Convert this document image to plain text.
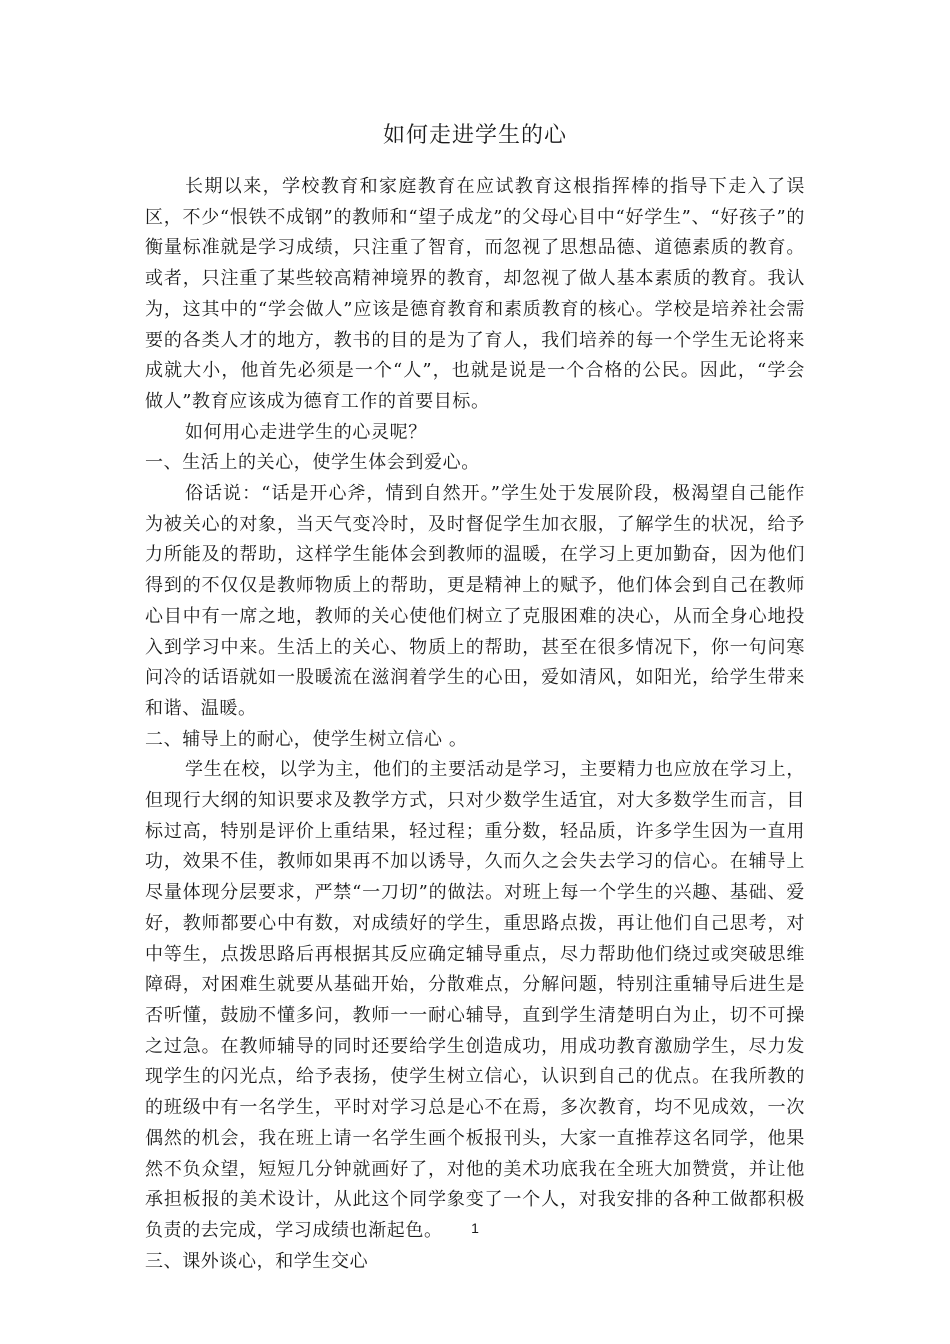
如何走进学生的心

长期以来，学校教育和家庭教育在应试教育这根指挥棒的指导下走入了误区，不少“恨铁不成钢”的教师和“望子成龙”的父母心目中“好学生”、“好孩子”的衡量标准就是学习成绩，只注重了智育，而忽视了思想品德、道德素质的教育。或者，只注重了某些较高精神境界的教育，却忽视了做人基本素质的教育。我认为，这其中的“学会做人”应该是德育教育和素质教育的核心。学校是培养社会需要的各类人才的地方，教书的目的是为了育人，我们培养的每一个学生无论将来成就大小，他首先必须是一个“人”，也就是说是一个合格的公民。因此，“学会做人”教育应该成为德育工作的首要目标。

如何用心走进学生的心灵呢？

一、生活上的关心，使学生体会到爱心。

俗话说：“话是开心斧，情到自然开。”学生处于发展阶段，极渴望自己能作为被关心的对象，当天气变冷时，及时督促学生加衣服，了解学生的状况，给予力所能及的帮助，这样学生能体会到教师的温暖，在学习上更加勤奋，因为他们得到的不仅仅是教师物质上的帮助，更是精神上的赋予，他们体会到自己在教师心目中有一席之地，教师的关心使他们树立了克服困难的决心，从而全身心地投入到学习中来。生活上的关心、物质上的帮助，甚至在很多情况下，你一句问寒问冷的话语就如一股暖流在滋润着学生的心田，爱如清风，如阳光，给学生带来和谐、温暖。

二、辅导上的耐心，使学生树立信心 。

学生在校，以学为主，他们的主要活动是学习，主要精力也应放在学习上，但现行大纲的知识要求及教学方式，只对少数学生适宜，对大多数学生而言，目标过高，特别是评价上重结果，轻过程；重分数，轻品质，许多学生因为一直用功，效果不佳，教师如果再不加以诱导，久而久之会失去学习的信心。在辅导上尽量体现分层要求，严禁“一刀切”的做法。对班上每一个学生的兴趣、基础、爱好，教师都要心中有数，对成绩好的学生，重思路点拨，再让他们自己思考，对中等生，点拨思路后再根据其反应确定辅导重点，尽力帮助他们绕过或突破思维障碍，对困难生就要从基础开始，分散难点，分解问题，特别注重辅导后进生是否听懂，鼓励不懂多问，教师一一耐心辅导，直到学生清楚明白为止，切不可操之过急。在教师辅导的同时还要给学生创造成功，用成功教育激励学生，尽力发现学生的闪光点，给予表扬，使学生树立信心，认识到自己的优点。在我所教的的班级中有一名学生，平时对学习总是心不在焉，多次教育，均不见成效，一次偶然的机会，我在班上请一名学生画个板报刊头，大家一直推荐这名同学，他果然不负众望，短短几分钟就画好了，对他的美术功底我在全班大加赞赏，并让他承担板报的美术设计，从此这个同学象变了一个人，对我安排的各种工做都积极负责的去完成，学习成绩也渐起色。

三、课外谈心，和学生交心

1
